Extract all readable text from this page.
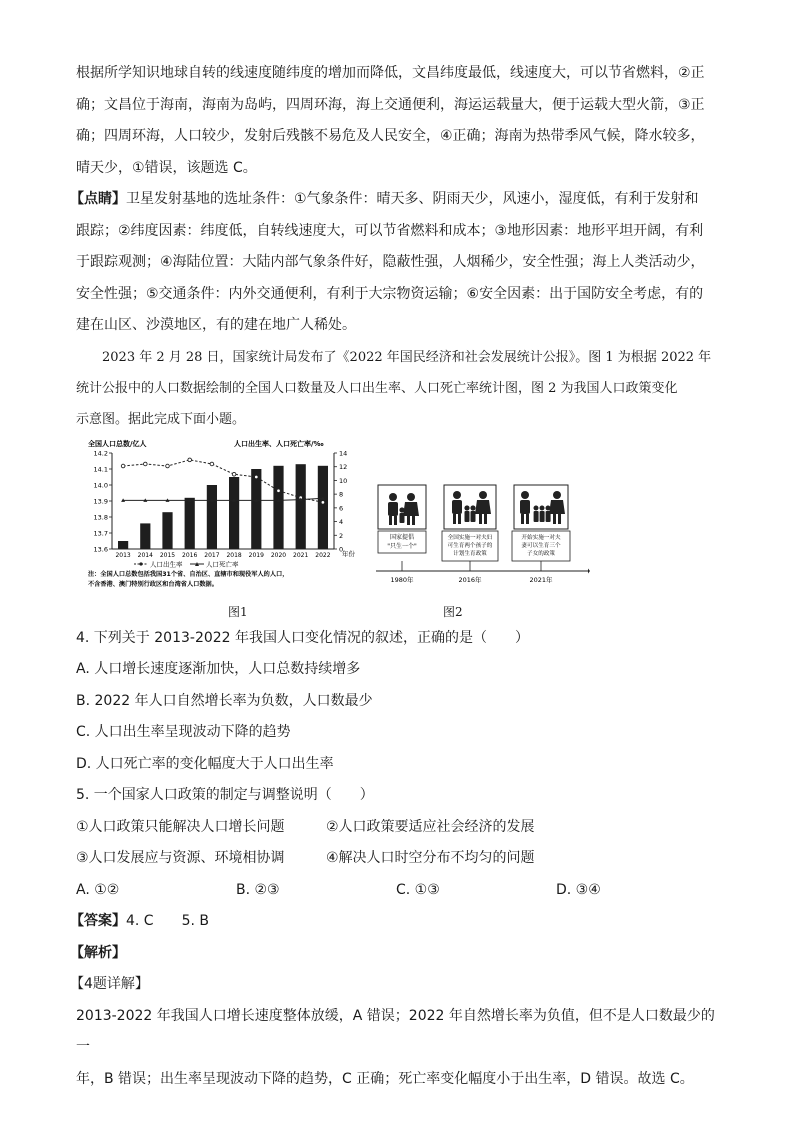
根据所学知识地球自转的线速度随纬度的增加而降低，文昌纬度最低，线速度大，可以节省燃料，②正

确；文昌位于海南，海南为岛屿，四周环海，海上交通便利，海运运载量大，便于运载大型火箭，③正

确；四周环海，人口较少，发射后残骸不易危及人民安全，④正确；海南为热带季风气候，降水较多，

晴天少，①错误，该题选 C。

【点睛】卫星发射基地的选址条件：①气象条件：晴天多、阴雨天少，风速小，湿度低，有利于发射和

跟踪；②纬度因素：纬度低，自转线速度大，可以节省燃料和成本；③地形因素：地形平坦开阔，有利

于跟踪观测；④海陆位置：大陆内部气象条件好，隐蔽性强，人烟稀少，安全性强；海上人类活动少，

安全性强；⑤交通条件：内外交通便利，有利于大宗物资运输；⑥安全因素：出于国防安全考虑，有的

建在山区、沙漠地区，有的建在地广人稀处。

2023 年 2 月 28 日，国家统计局发布了《2022 年国民经济和社会发展统计公报》。图 1 为根据 2022 年

统计公报中的人口数据绘制的全国人口数量及人口出生率、人口死亡率统计图，图 2 为我国人口政策变化

示意图。据此完成下面小题。

13.6
13.7
13.8
13.9
14.0
14.1
14.2
0
2
4
6
8
10
12
14
2013 2014 2015 2016 2017 2018 2019 2020 2021 2022
全国人口总数/亿人	人口出生率、人口死亡率/‰
年份
人口出生率	人口死亡率
注：全国人口总数包括我国31个省、自治区、直辖市和现役军人的人口，
不含香港、澳门特别行政区和台湾省人口数据。
国家提倡
"只生一个"
全国实施一对夫妇
可生育两个孩子的
计划生育政策
开始实施一对夫
妻可以生育三个
子女的政策
1980年	2016年	2021年
图1	图2

4. 下列关于 2013-2022 年我国人口变化情况的叙述，正确的是（　　）

A. 人口增长速度逐渐加快，人口总数持续增多

B. 2022 年人口自然增长率为负数，人口数最少

C. 人口出生率呈现波动下降的趋势

D. 人口死亡率的变化幅度大于人口出生率

5. 一个国家人口政策的制定与调整说明（　　）

①人口政策只能解决人口增长问题	②人口政策要适应社会经济的发展

③人口发展应与资源、环境相协调	④解决人口时空分布不均匀的问题

A. ①②	B. ②③	C. ①③	D. ③④

【答案】4. C　　5. B

【解析】

【4题详解】

2013-2022 年我国人口增长速度整体放缓，A 错误；2022 年自然增长率为负值，但不是人口数最少的一

年，B 错误；出生率呈现波动下降的趋势，C 正确；死亡率变化幅度小于出生率，D 错误。故选 C。
